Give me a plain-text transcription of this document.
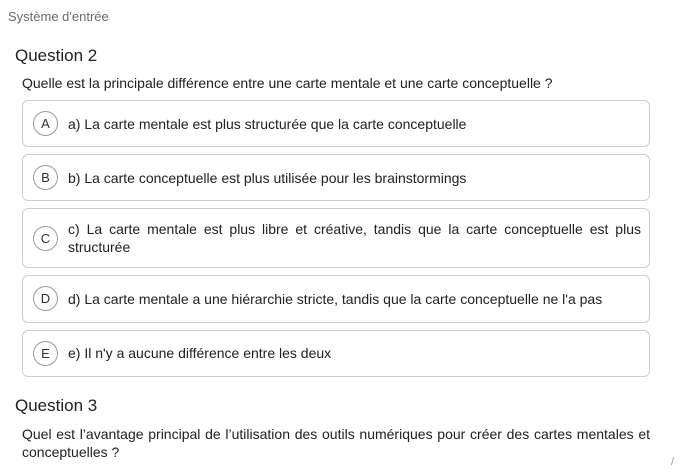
Système d'entrée
Question 2
Quelle est la principale différence entre une carte mentale et une carte conceptuelle ?
A	a) La carte mentale est plus structurée que la carte conceptuelle
B	b) La carte conceptuelle est plus utilisée pour les brainstormings
C
c) La carte mentale est plus libre et créative, tandis que la carte conceptuelle est plus structurée
D	d) La carte mentale a une hiérarchie stricte, tandis que la carte conceptuelle ne l'a pas
E	e) Il n'y a aucune différence entre les deux
Question 3
Quel est l’avantage principal de l’utilisation des outils numériques pour créer des cartes mentales et conceptuelles ?
/
